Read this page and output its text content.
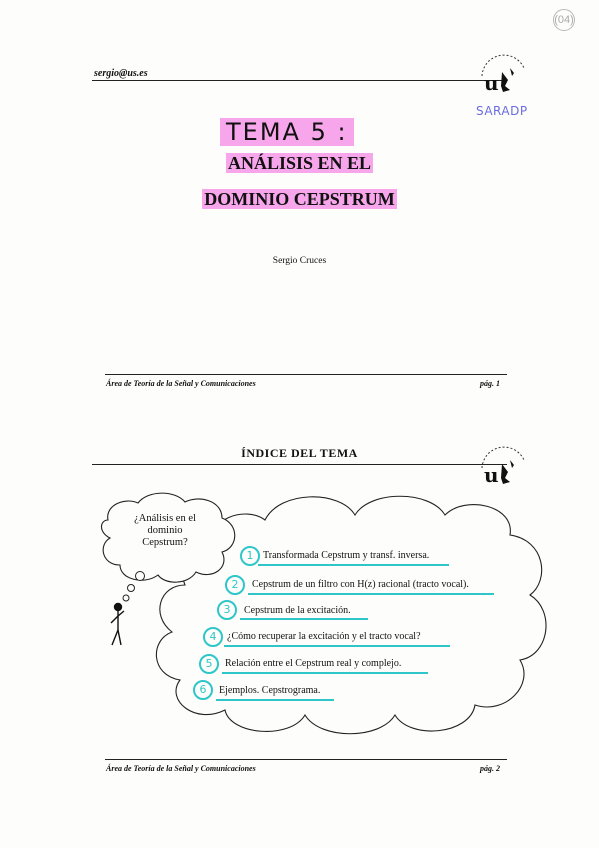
(04)
sergio@us.es	u
SARADP
TEMA 5 :
ANÁLISIS EN EL
DOMINIO CEPSTRUM
Sergio Cruces
Área de Teoría de la Señal y Comunicaciones	pág. 1
ÍNDICE DEL TEMA
u
¿Análisis en el
dominio
Cepstrum?
1 Transformada Cepstrum y transf. inversa.
2	Cepstrum de un filtro con H(z) racional (tracto vocal).
3	Cepstrum de la excitación.
4	¿Cómo recuperar la excitación y el tracto vocal?
5	Relación entre el Cepstrum real y complejo.
6	Ejemplos. Cepstrograma.
Área de Teoría de la Señal y Comunicaciones	pág. 2
